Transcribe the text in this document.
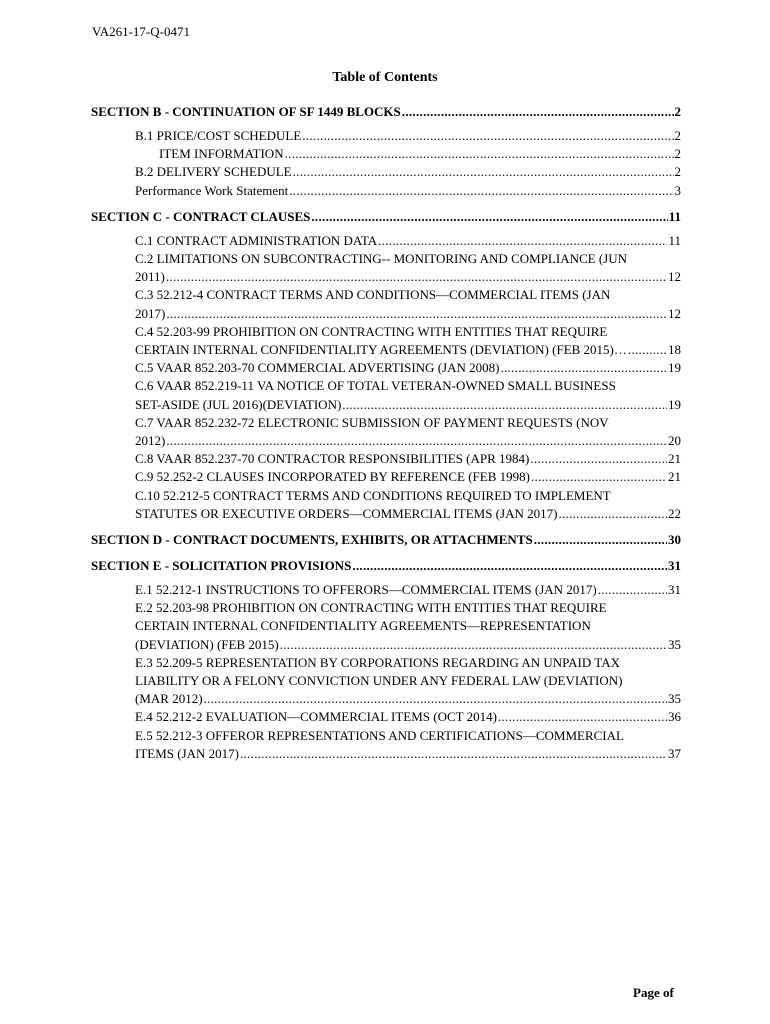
VA261-17-Q-0471
Table of Contents
SECTION B - CONTINUATION OF SF 1449 BLOCKS .....	2
B.1 PRICE/COST SCHEDULE .....	2
ITEM INFORMATION .....	2
B.2 DELIVERY SCHEDULE .....	2
Performance Work Statement .....	3
SECTION C - CONTRACT CLAUSES .....	11
C.1 CONTRACT ADMINISTRATION DATA .....	11
C.2 LIMITATIONS ON SUBCONTRACTING-- MONITORING AND COMPLIANCE (JUN
2011) .....	12
C.3 52.212-4 CONTRACT TERMS AND CONDITIONS—COMMERCIAL ITEMS (JAN
2017) .....	12
C.4 52.203-99 PROHIBITION ON CONTRACTING WITH ENTITIES THAT REQUIRE
CERTAIN INTERNAL CONFIDENTIALITY AGREEMENTS (DEVIATION) (FEB 2015)… .....	18
C.5 VAAR 852.203-70 COMMERCIAL ADVERTISING (JAN 2008) .....	19
C.6 VAAR 852.219-11 VA NOTICE OF TOTAL VETERAN-OWNED SMALL BUSINESS
SET-ASIDE (JUL 2016)(DEVIATION) .....	19
C.7 VAAR 852.232-72 ELECTRONIC SUBMISSION OF PAYMENT REQUESTS (NOV
2012) .....	20
C.8 VAAR 852.237-70 CONTRACTOR RESPONSIBILITIES (APR 1984) .....	21
C.9 52.252-2 CLAUSES INCORPORATED BY REFERENCE (FEB 1998) .....	21
C.10 52.212-5 CONTRACT TERMS AND CONDITIONS REQUIRED TO IMPLEMENT
STATUTES OR EXECUTIVE ORDERS—COMMERCIAL ITEMS (JAN 2017) .....	22
SECTION D - CONTRACT DOCUMENTS, EXHIBITS, OR ATTACHMENTS .....	30
SECTION E - SOLICITATION PROVISIONS .....	31
E.1 52.212-1 INSTRUCTIONS TO OFFERORS—COMMERCIAL ITEMS (JAN 2017) .....	31
E.2 52.203-98 PROHIBITION ON CONTRACTING WITH ENTITIES THAT REQUIRE
CERTAIN INTERNAL CONFIDENTIALITY AGREEMENTS—REPRESENTATION
(DEVIATION) (FEB 2015) .....	35
E.3 52.209-5 REPRESENTATION BY CORPORATIONS REGARDING AN UNPAID TAX
LIABILITY OR A FELONY CONVICTION UNDER ANY FEDERAL LAW (DEVIATION)
(MAR 2012) .....	35
E.4 52.212-2 EVALUATION—COMMERCIAL ITEMS (OCT 2014) .....	36
E.5 52.212-3 OFFEROR REPRESENTATIONS AND CERTIFICATIONS—COMMERCIAL
ITEMS (JAN 2017) .....	37
Page of
